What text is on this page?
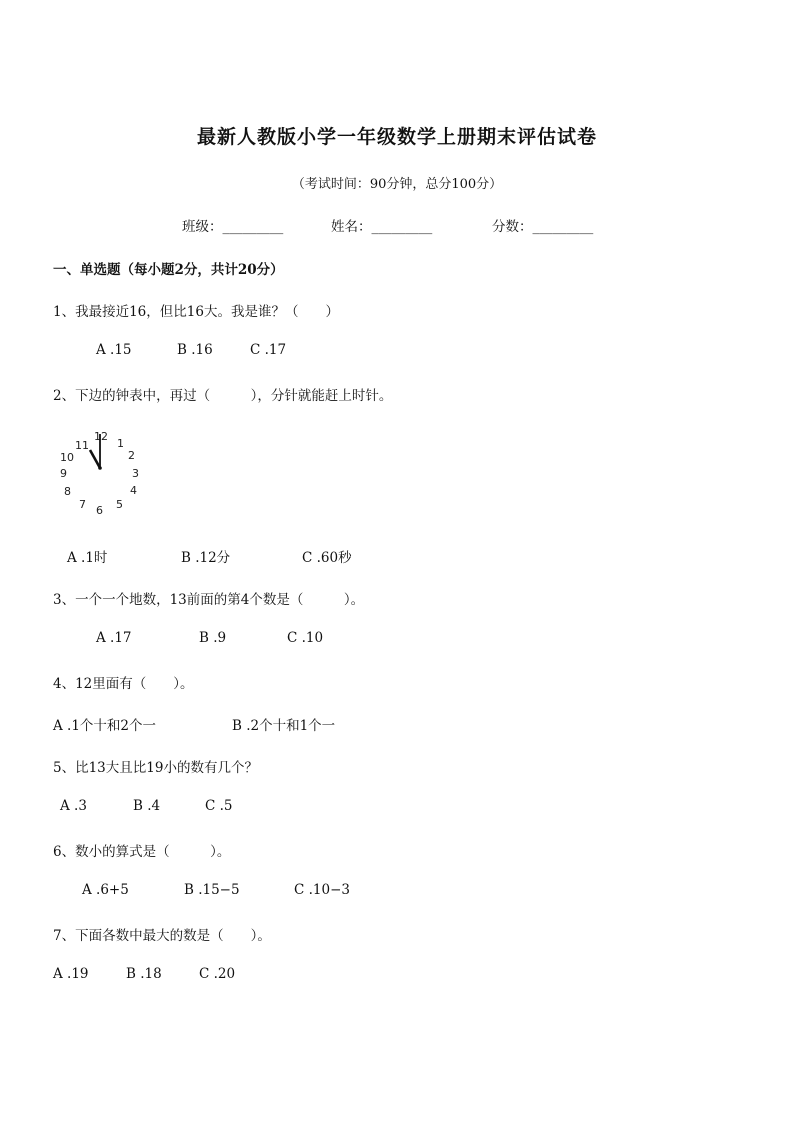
最新人教版小学一年级数学上册期末评估试卷
（考试时间：90分钟，总分100分）
班级：_________	姓名：_________	分数：_________
一、单选题（每小题2分，共计20分）
1、我最接近16，但比16大。我是谁？（　　）
A .15	B .16	C .17
2、下边的钟表中，再过（　　　），分针就能赶上时针。
12
1
2
3
4
5
6
7
8
9
10
11
A .1时	B .12分	C .60秒
3、一个一个地数，13前面的第4个数是（　　　）。
A .17	B .9	C .10
4、12里面有（　　）。
A .1个十和2个一	B .2个十和1个一
5、比13大且比19小的数有几个？
A .3	B .4	C .5
6、数小的算式是（　　　）。
A .6+5	B .15−5	C .10−3
7、下面各数中最大的数是（　　）。
A .19	B .18	C .20
